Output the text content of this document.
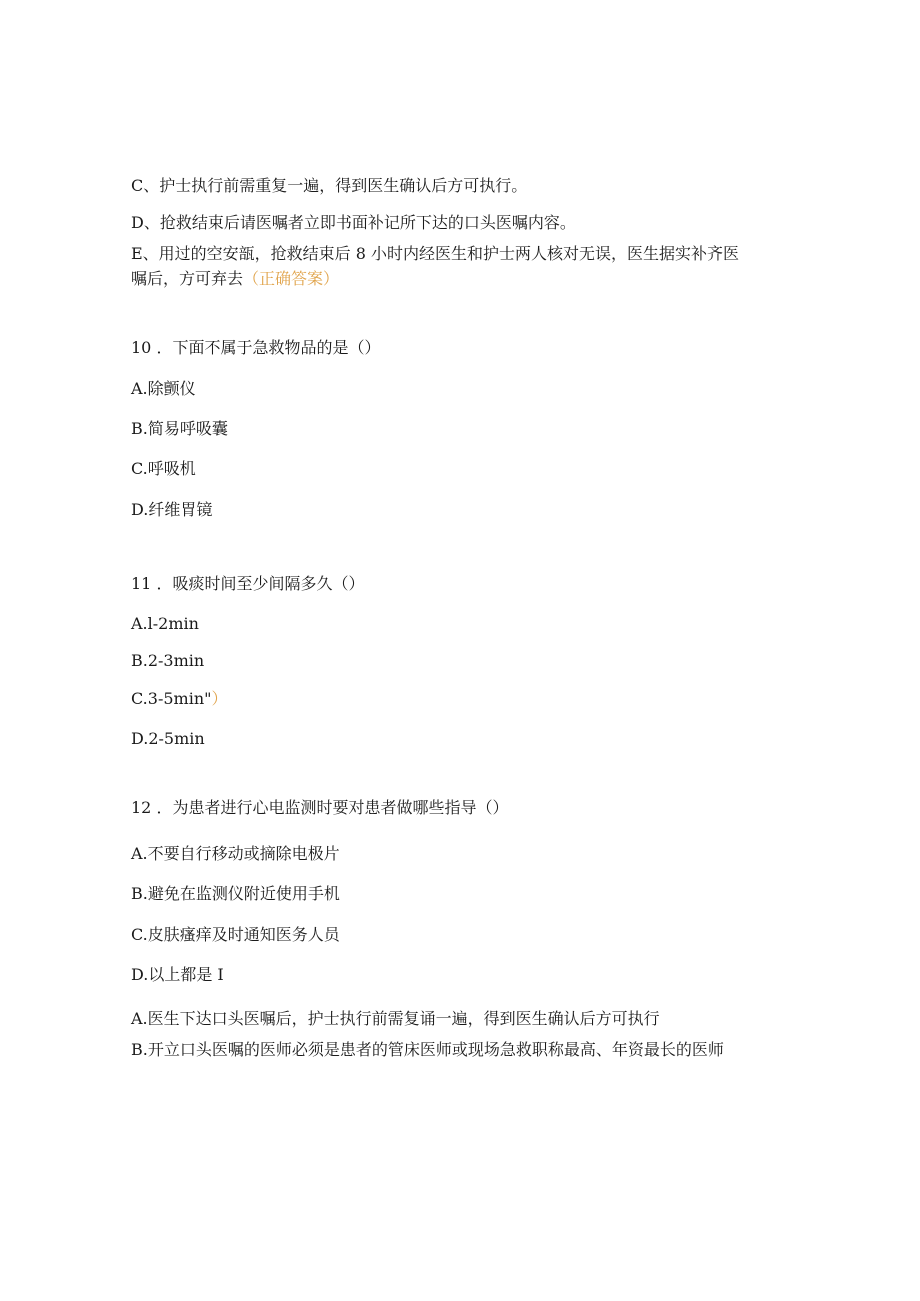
C、护士执行前需重复一遍，得到医生确认后方可执行。
D、抢救结束后请医嘱者立即书面补记所下达的口头医嘱内容。
E、用过的空安瓿，抢救结束后 8 小时内经医生和护士两人核对无误，医生据实补齐医
嘱后，方可弃去（正确答案）
10 ．下面不属于急救物品的是（）
A.除颤仪
B.简易呼吸囊
C.呼吸机
D.纤维胃镜
11 ．吸痰时间至少间隔多久（）
A.l-2min
B.2-3min
C.3-5min"）
D.2-5min
12 ．为患者进行心电监测时要对患者做哪些指导（）
A.不要自行移动或摘除电极片
B.避免在监测仪附近使用手机
C.皮肤瘙痒及时通知医务人员
D.以上都是 I
A.医生下达口头医嘱后，护士执行前需复诵一遍，得到医生确认后方可执行
B.开立口头医嘱的医师必须是患者的管床医师或现场急救职称最高、年资最长的医师
